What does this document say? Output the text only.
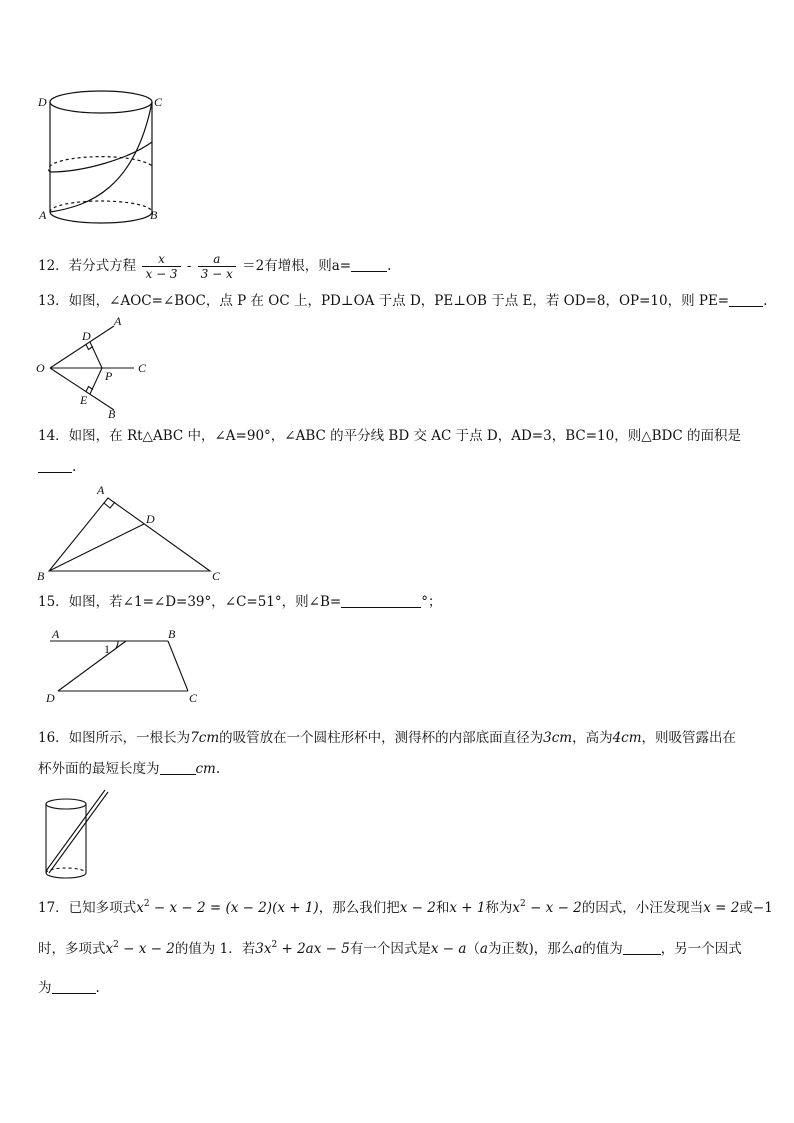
D	C
A	B
12．若分式方程 $\frac{x}{x - 3} - \frac{a}{3 - x} =2$有增根，则a=	.
13．如图，∠AOC=∠BOC，点 P 在 OC 上，PD⊥OA 于点 D，PE⊥OB 于点 E，若 OD=8，OP=10，则 PE=	.
O
D
A
P
C
E
B
14．如图，在 Rt△ABC 中，∠A=90°，∠ABC 的平分线 BD 交 AC 于点 D，AD=3，BC=10，则△BDC 的面积是
.
A
D
B	C
15．如图，若∠1=∠D=39°，∠C=51°，则∠B=	°；
A	B
1
D	C
16．如图所示，一根长为7cm的吸管放在一个圆柱形杯中，测得杯的内部底面直径为3cm，高为4cm，则吸管露出在
杯外面的最短长度为	cm.
17．已知多项式$x^2 - x - 2 = (x - 2)(x + 1)$，那么我们把x − 2和x + 1称为$x^2 - x - 2$的因式，小汪发现当x = 2或−1
时，多项式$x^2 - x - 2$的值为 1．若$3x^2 + 2ax - 5$有一个因式是x − a（a为正数)，那么a的值为	，另一个因式
为	.
